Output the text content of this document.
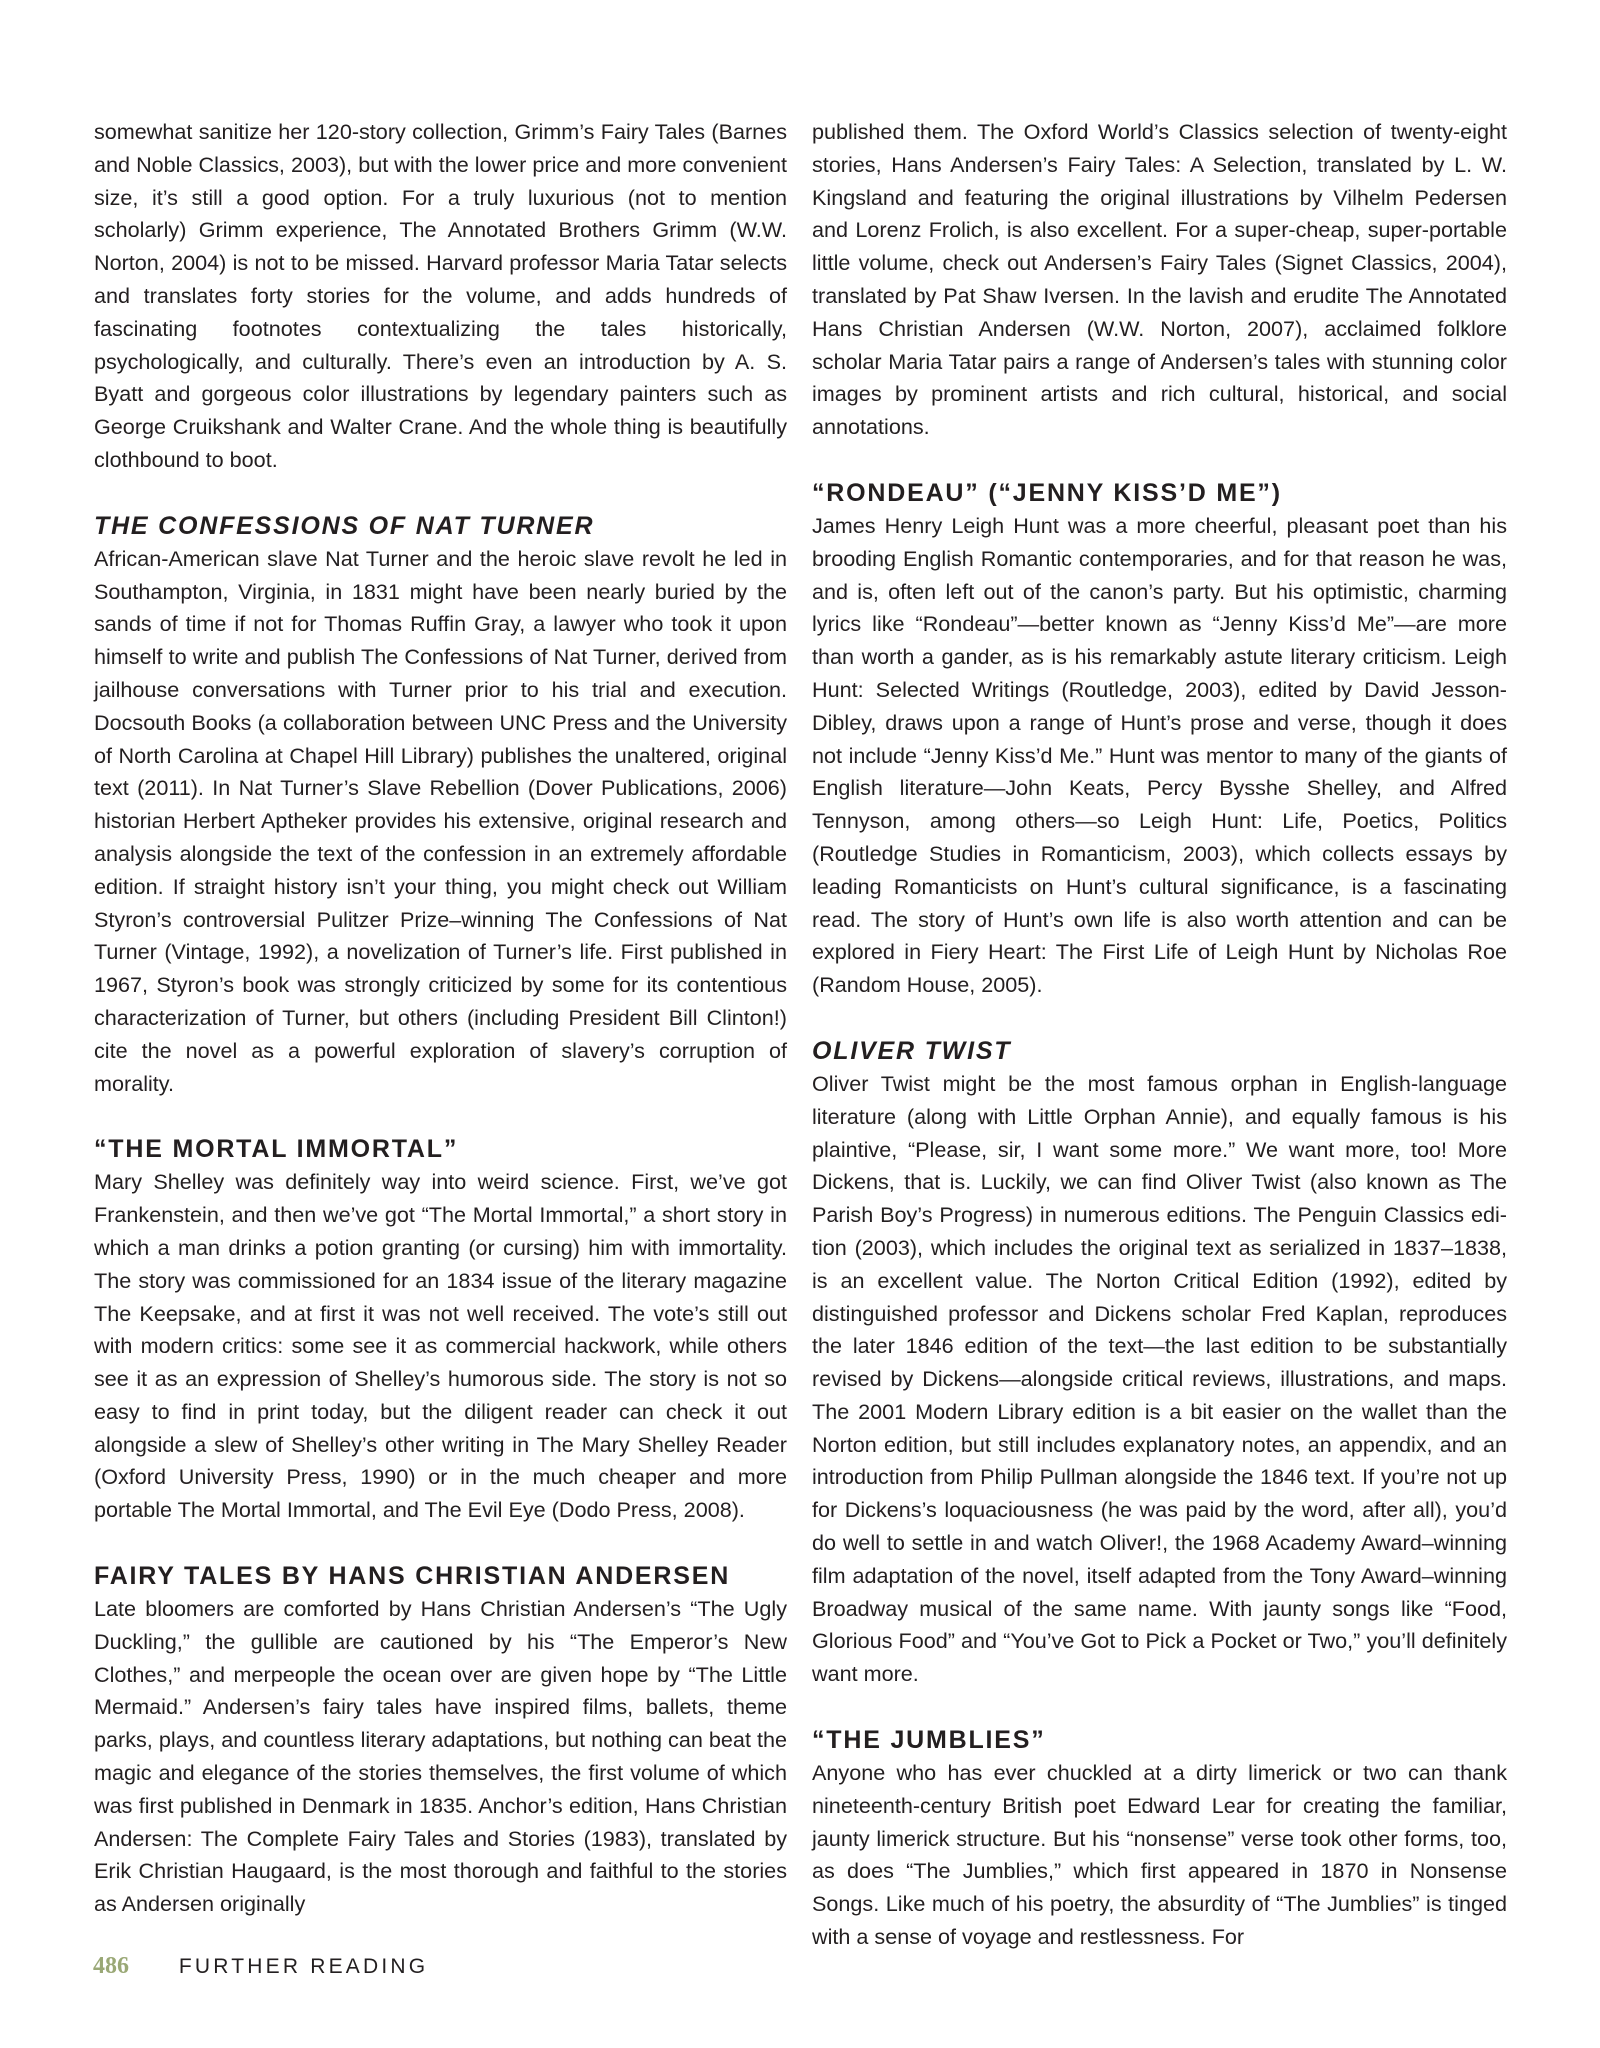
somewhat sanitize her 120-story collection, Grimm’s Fairy Tales (Barnes and Noble Classics, 2003), but with the lower price and more convenient size, it’s still a good option. For a truly luxurious (not to mention scholarly) Grimm experience, The Annotated Brothers Grimm (W.W. Norton, 2004) is not to be missed. Harvard professor Maria Tatar selects and translates forty stories for the volume, and adds hundreds of fascinating footnotes contextualizing the tales historically, psychologically, and culturally. There’s even an introduction by A. S. Byatt and gorgeous color illustrations by legendary painters such as George Cruikshank and Walter Crane. And the whole thing is beautifully clothbound to boot.

THE CONFESSIONS OF NAT TURNER

African-American slave Nat Turner and the heroic slave revolt he led in Southampton, Virginia, in 1831 might have been nearly buried by the sands of time if not for Thomas Ruffin Gray, a lawyer who took it upon himself to write and publish The Confessions of Nat Turner, derived from jailhouse conversations with Turner prior to his trial and execution. Docsouth Books (a collaboration between UNC Press and the University of North Carolina at Chapel Hill Library) publishes the unaltered, original text (2011). In Nat Turner’s Slave Rebellion (Dover Publications, 2006) historian Herbert Aptheker provides his extensive, original research and analysis alongside the text of the confession in an extremely affordable edition. If straight history isn’t your thing, you might check out William Styron’s controversial Pulitzer Prize–winning The Confessions of Nat Turner (Vintage, 1992), a novelization of Turner’s life. First published in 1967, Styron’s book was strongly criticized by some for its contentious characterization of Turner, but others (including President Bill Clinton!) cite the novel as a powerful exploration of slavery’s corruption of morality.

“THE MORTAL IMMORTAL”

Mary Shelley was definitely way into weird science. First, we’ve got Frankenstein, and then we’ve got “The Mortal Immortal,” a short story in which a man drinks a potion granting (or cursing) him with immortality. The story was commissioned for an 1834 issue of the literary magazine The Keepsake, and at first it was not well received. The vote’s still out with modern critics: some see it as commercial hackwork, while others see it as an expression of Shelley’s humorous side. The story is not so easy to find in print today, but the diligent reader can check it out alongside a slew of Shelley’s other writing in The Mary Shelley Reader (Oxford University Press, 1990) or in the much cheaper and more portable The Mortal Immortal, and The Evil Eye (Dodo Press, 2008).

FAIRY TALES BY HANS CHRISTIAN ANDERSEN

Late bloomers are comforted by Hans Christian Andersen’s “The Ugly Duckling,” the gullible are cautioned by his “The Emperor’s New Clothes,” and merpeople the ocean over are given hope by “The Little Mermaid.” Andersen’s fairy tales have inspired films, ballets, theme parks, plays, and countless literary adaptations, but nothing can beat the magic and elegance of the stories themselves, the first volume of which was first published in Denmark in 1835. Anchor’s edition, Hans Christian Andersen: The Complete Fairy Tales and Stories (1983), translated by Erik Christian Haugaard, is the most thorough and faithful to the stories as Andersen originally

published them. The Oxford World’s Classics selection of twenty-eight stories, Hans Andersen’s Fairy Tales: A Selection, translated by L. W. Kingsland and featuring the original illustrations by Vilhelm Pedersen and Lorenz Frolich, is also excellent. For a super-cheap, super-portable little volume, check out Andersen’s Fairy Tales (Signet Classics, 2004), translated by Pat Shaw Iversen. In the lavish and erudite The Annotated Hans Christian Andersen (W.W. Norton, 2007), acclaimed folklore scholar Maria Tatar pairs a range of Andersen’s tales with stunning color images by prominent artists and rich cultural, historical, and social annotations.

“RONDEAU” (“JENNY KISS’D ME”)

James Henry Leigh Hunt was a more cheerful, pleasant poet than his brooding English Romantic contemporaries, and for that reason he was, and is, often left out of the canon’s party. But his optimistic, charming lyrics like “Rondeau”—better known as “Jenny Kiss’d Me”—are more than worth a gander, as is his remarkably astute literary criticism. Leigh Hunt: Selected Writings (Routledge, 2003), edited by David Jesson-Dibley, draws upon a range of Hunt’s prose and verse, though it does not include “Jenny Kiss’d Me.” Hunt was mentor to many of the giants of English literature—John Keats, Percy Bysshe Shelley, and Alfred Tennyson, among others—so Leigh Hunt: Life, Poetics, Politics (Routledge Studies in Romanticism, 2003), which collects essays by leading Romanticists on Hunt’s cultural significance, is a fascinating read. The story of Hunt’s own life is also worth attention and can be explored in Fiery Heart: The First Life of Leigh Hunt by Nicholas Roe (Random House, 2005).

OLIVER TWIST

Oliver Twist might be the most famous orphan in English-language literature (along with Little Orphan Annie), and equally famous is his plaintive, “Please, sir, I want some more.” We want more, too! More Dickens, that is. Luckily, we can find Oliver Twist (also known as The Parish Boy’s Progress) in numerous editions. The Penguin Classics edition (2003), which includes the original text as serialized in 1837–1838, is an excellent value. The Norton Critical Edition (1992), edited by distinguished professor and Dickens scholar Fred Kaplan, reproduces the later 1846 edition of the text—the last edition to be substantially revised by Dickens—alongside critical reviews, illustrations, and maps. The 2001 Modern Library edition is a bit easier on the wallet than the Norton edition, but still includes explanatory notes, an appendix, and an introduction from Philip Pullman alongside the 1846 text. If you’re not up for Dickens’s loquaciousness (he was paid by the word, after all), you’d do well to settle in and watch Oliver!, the 1968 Academy Award–winning film adaptation of the novel, itself adapted from the Tony Award–winning Broadway musical of the same name. With jaunty songs like “Food, Glorious Food” and “You’ve Got to Pick a Pocket or Two,” you’ll definitely want more.

“THE JUMBLIES”

Anyone who has ever chuckled at a dirty limerick or two can thank nineteenth-century British poet Edward Lear for creating the familiar, jaunty limerick structure. But his “nonsense” verse took other forms, too, as does “The Jumblies,” which first appeared in 1870 in Nonsense Songs. Like much of his poetry, the absurdity of “The Jumblies” is tinged with a sense of voyage and restlessness. For

486 FURTHER READING
